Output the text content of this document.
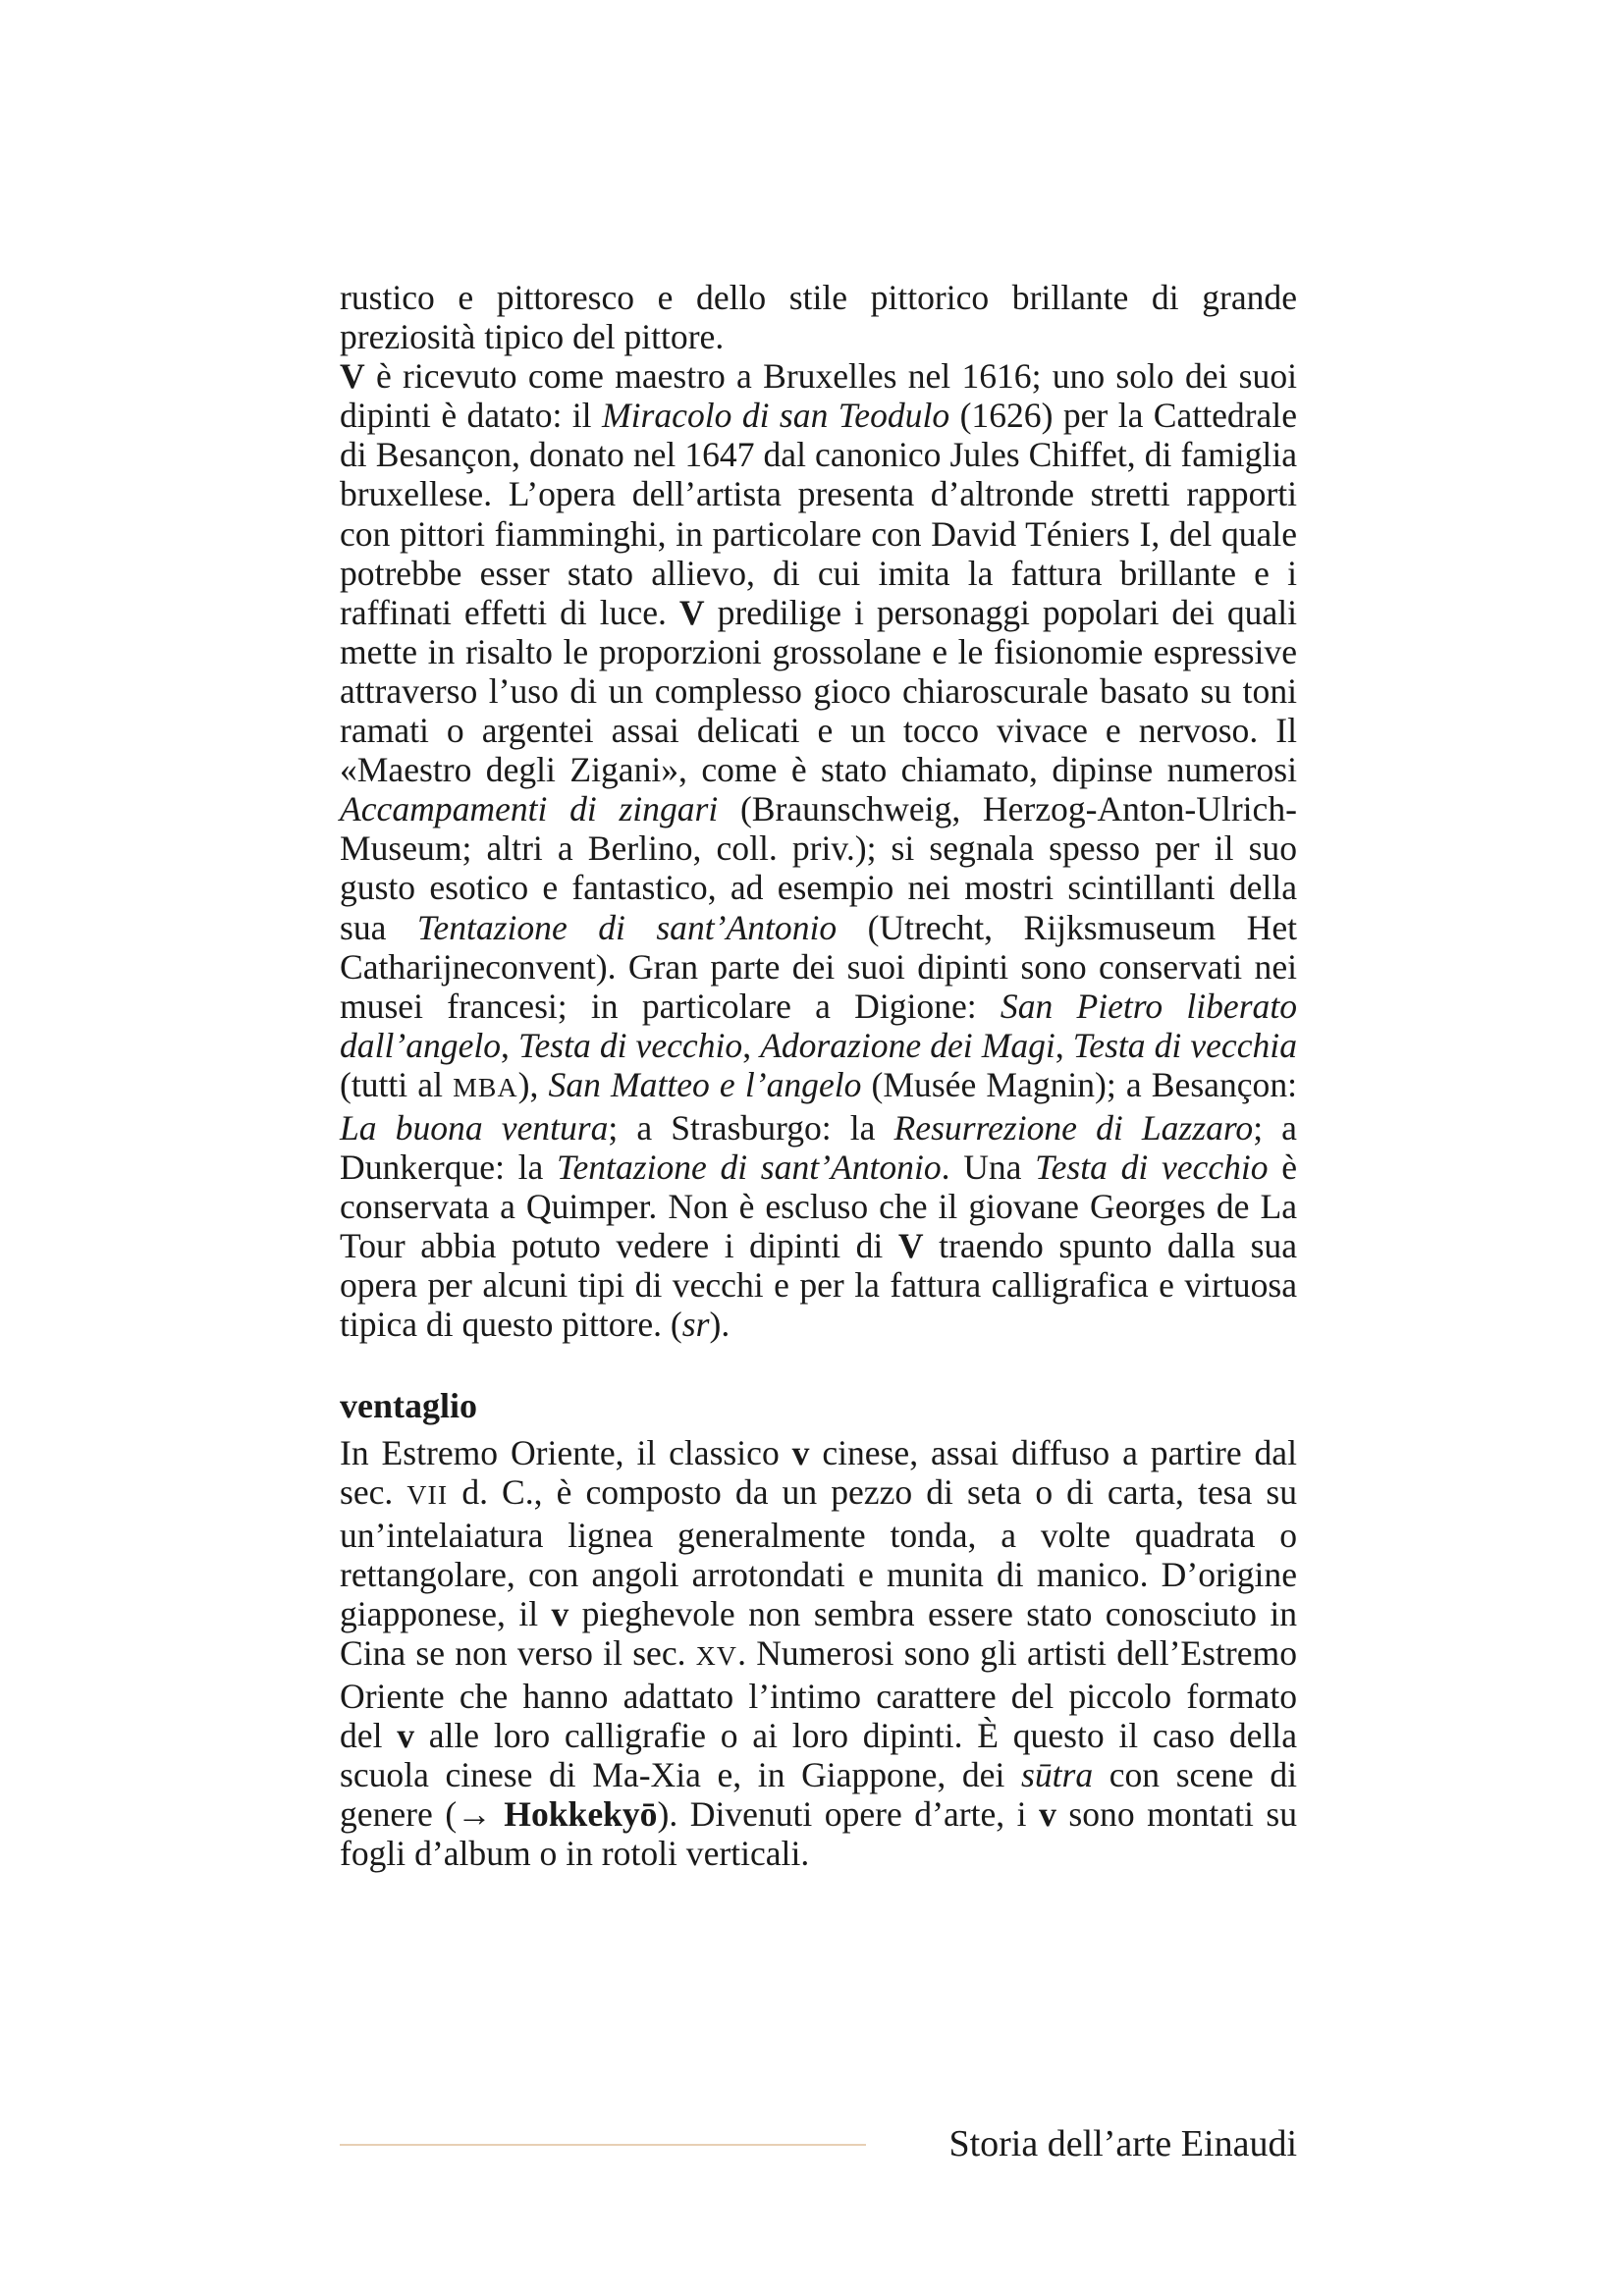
rustico e pittoresco e dello stile pittorico brillante di grande preziosità tipico del pittore.

V è ricevuto come maestro a Bruxelles nel 1616; uno solo dei suoi dipinti è datato: il Miracolo di san Teodulo (1626) per la Cattedrale di Besançon, donato nel 1647 dal canonico Jules Chiffet, di famiglia bruxellese. L’opera dell’artista presenta d’altronde stretti rapporti con pittori fiamminghi, in particolare con David Téniers I, del quale potrebbe esser stato allievo, di cui imita la fattura brillante e i raffinati effetti di luce. V predilige i personaggi popolari dei quali mette in risalto le proporzioni grossolane e le fisionomie espressive attraverso l’uso di un complesso gioco chiaroscurale basato su toni ramati o argentei assai delicati e un tocco vivace e nervoso. Il «Maestro degli Zigani», come è stato chiamato, dipinse numerosi Accampamenti di zingari (Braunschweig, Herzog-Anton-Ulrich-Museum; altri a Berlino, coll. priv.); si segnala spesso per il suo gusto esotico e fantastico, ad esempio nei mostri scintillanti della sua Tentazione di sant’Antonio (Utrecht, Rijksmuseum Het Catharijneconvent). Gran parte dei suoi dipinti sono conservati nei musei francesi; in particolare a Digione: San Pietro liberato dall’angelo, Testa di vecchio, Adorazione dei Magi, Testa di vecchia (tutti al MBA), San Matteo e l’angelo (Musée Magnin); a Besançon: La buona ventura; a Strasburgo: la Resurrezione di Lazzaro; a Dunkerque: la Tentazione di sant’Antonio. Una Testa di vecchio è conservata a Quimper. Non è escluso che il giovane Georges de La Tour abbia potuto vedere i dipinti di V traendo spunto dalla sua opera per alcuni tipi di vecchi e per la fattura calligrafica e virtuosa tipica di questo pittore. (sr).

ventaglio

In Estremo Oriente, il classico v cinese, assai diffuso a partire dal sec. VII d. C., è composto da un pezzo di seta o di carta, tesa su un’intelaiatura lignea generalmente tonda, a volte quadrata o rettangolare, con angoli arrotondati e munita di manico. D’origine giapponese, il v pieghevole non sembra essere stato conosciuto in Cina se non verso il sec. XV. Numerosi sono gli artisti dell’Estremo Oriente che hanno adattato l’intimo carattere del piccolo formato del v alle loro calligrafie o ai loro dipinti. È questo il caso della scuola cinese di Ma-Xia e, in Giappone, dei sūtra con scene di genere (→ Hokkekyō). Divenuti opere d’arte, i v sono montati su fogli d’album o in rotoli verticali.

Storia dell’arte Einaudi
